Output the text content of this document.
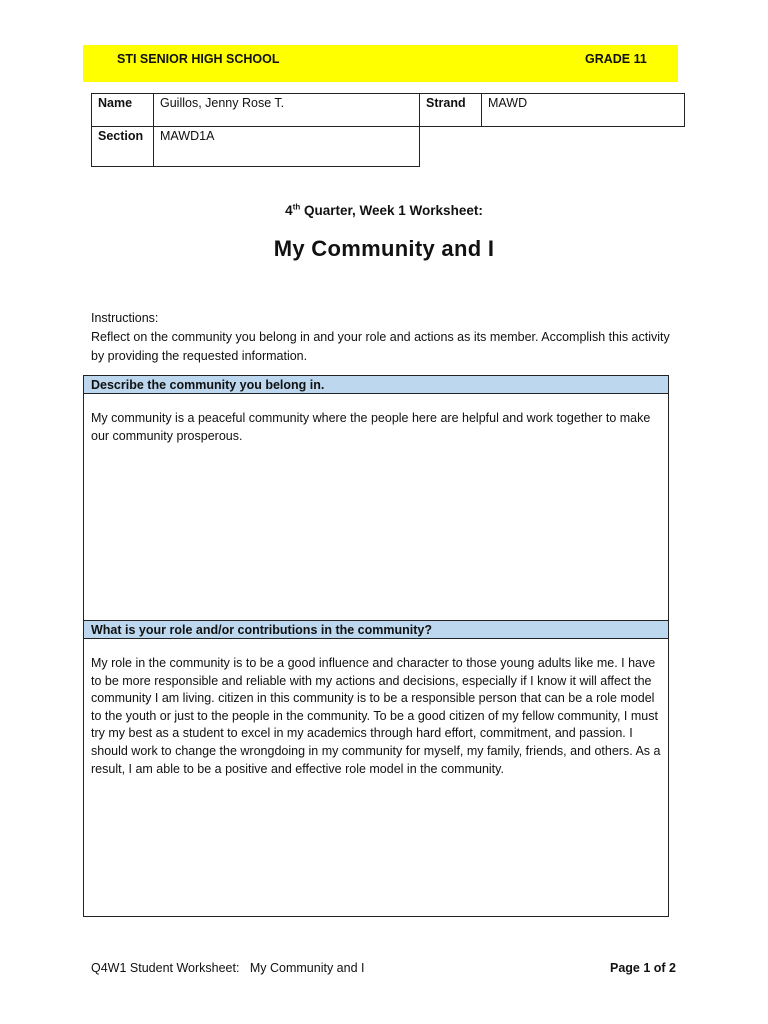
STI SENIOR HIGH SCHOOL	GRADE 11
Name	Guillos, Jenny Rose T.	Strand	MAWD
Section	MAWD1A		
4th Quarter, Week 1 Worksheet:
My Community and I
Instructions:
Reflect on the community you belong in and your role and actions as its member. Accomplish this activity by providing the requested information.
Describe the community you belong in.
My community is a peaceful community where the people here are helpful and work together to make our community prosperous.
What is your role and/or contributions in the community?
My role in the community is to be a good influence and character to those young adults like me. I have to be more responsible and reliable with my actions and decisions, especially if I know it will affect the community I am living. citizen in this community is to be a responsible person that can be a role model to the youth or just to the people in the community. To be a good citizen of my fellow community, I must try my best as a student to excel in my academics through hard effort, commitment, and passion. I should work to change the wrongdoing in my community for myself, my family, friends, and others. As a result, I am able to be a positive and effective role model in the community.
Q4W1 Student Worksheet:   My Community and I	Page 1 of 2
